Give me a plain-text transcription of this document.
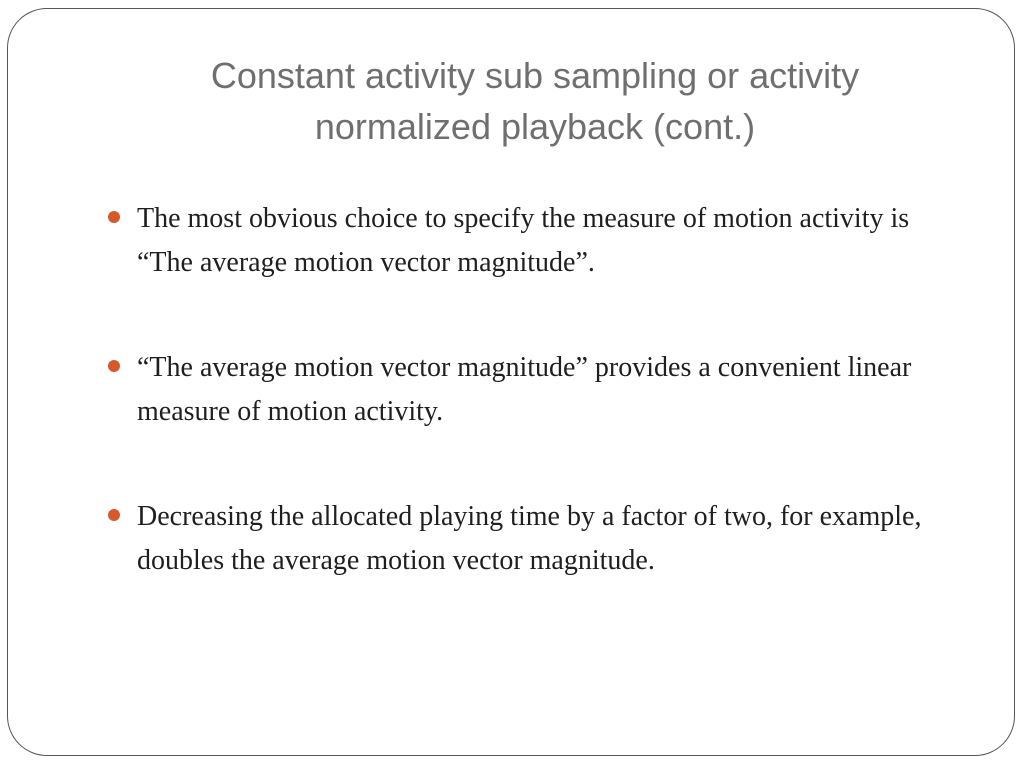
Constant activity sub sampling or activity normalized playback (cont.)
The most obvious choice to specify the measure of motion activity is “The average motion vector magnitude”.
“The average motion vector magnitude” provides a convenient linear measure of motion activity.
Decreasing the allocated playing time by a factor of two, for example, doubles the average motion vector magnitude.
